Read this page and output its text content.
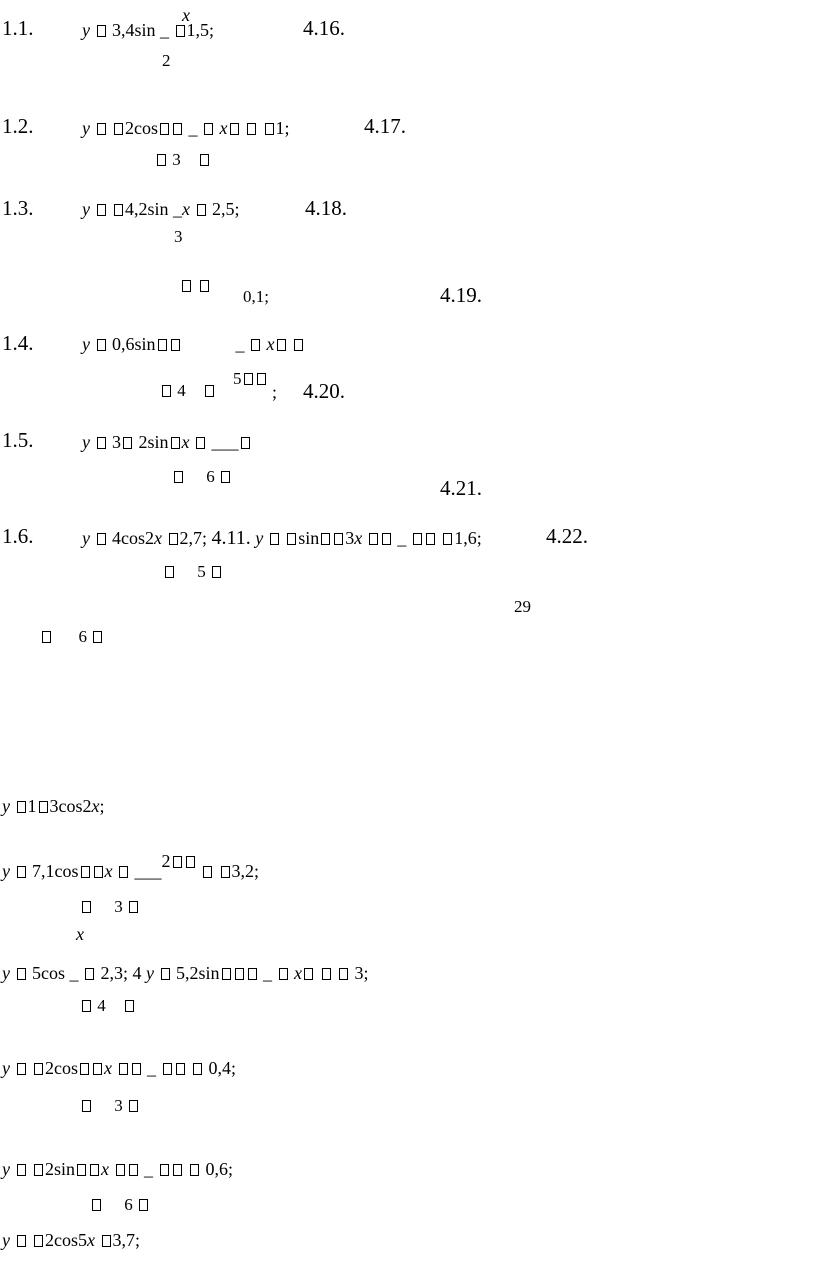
1.1.	y 3,4sin _ 1,5;
x
2
4.16.
1.2.	y 2cos _  x	1;
3
4.17.
1.3.	y 4,2sin _x 2,5;
3
4.18.

0,1;	4.19.
1.4.	y 0,6sin            _  x
4
5
; 4.20.
1.5.	y 3 2sin x  ___
6	4.21.
1.6.	y 4cos2x 2,7; 4.11. y sin 3x  _  1,6;	4.22.
5
29
6
y 1 3cos2x;
y 7,1cos x  ___2	3,2;
3
x
y 5cos _  2,3; 4 y 5,2sin _  x	3;
4
y 2cos x  _	0,4;
3
y 2sin x  _	0,6;
6
y 2cos5x 3,7;
